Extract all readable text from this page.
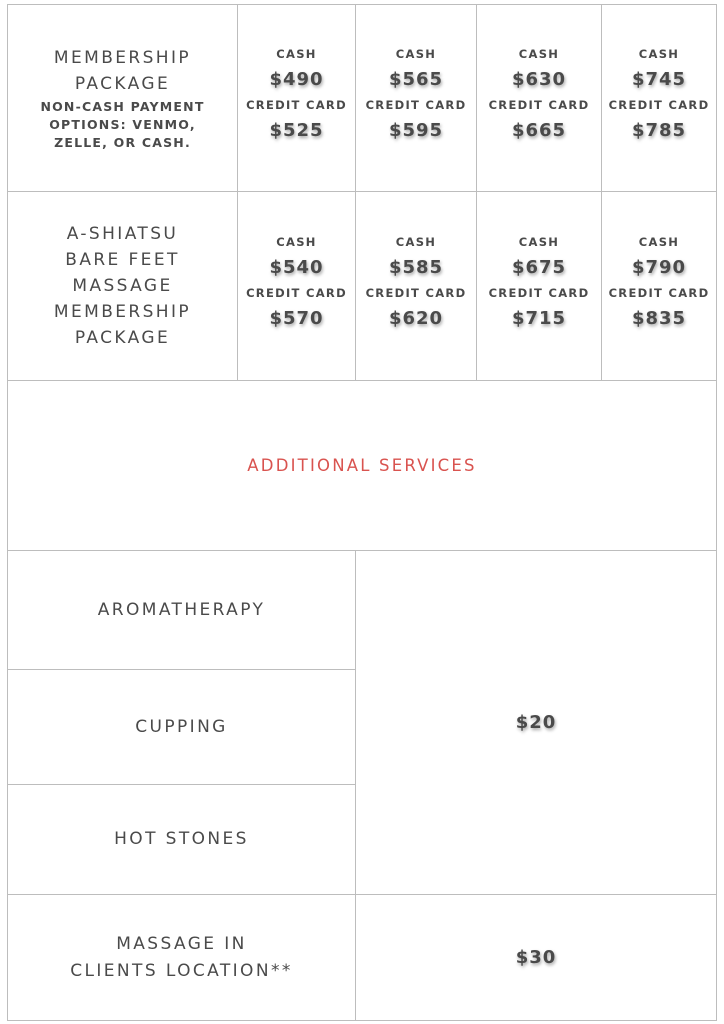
MEMBERSHIP
PACKAGE
NON-CASH PAYMENT
OPTIONS: VENMO,
ZELLE, OR CASH.
CASH
$490
CREDIT CARD
$525
CASH
$565
CREDIT CARD
$595
CASH
$630
CREDIT CARD
$665
CASH
$745
CREDIT CARD
$785
A-SHIATSU
BARE FEET
MASSAGE
MEMBERSHIP
PACKAGE
CASH
$540
CREDIT CARD
$570
CASH
$585
CREDIT CARD
$620
CASH
$675
CREDIT CARD
$715
CASH
$790
CREDIT CARD
$835
ADDITIONAL SERVICES
AROMATHERAPY
CUPPING
HOT STONES
$20
MASSAGE IN
CLIENTS LOCATION**
$30
